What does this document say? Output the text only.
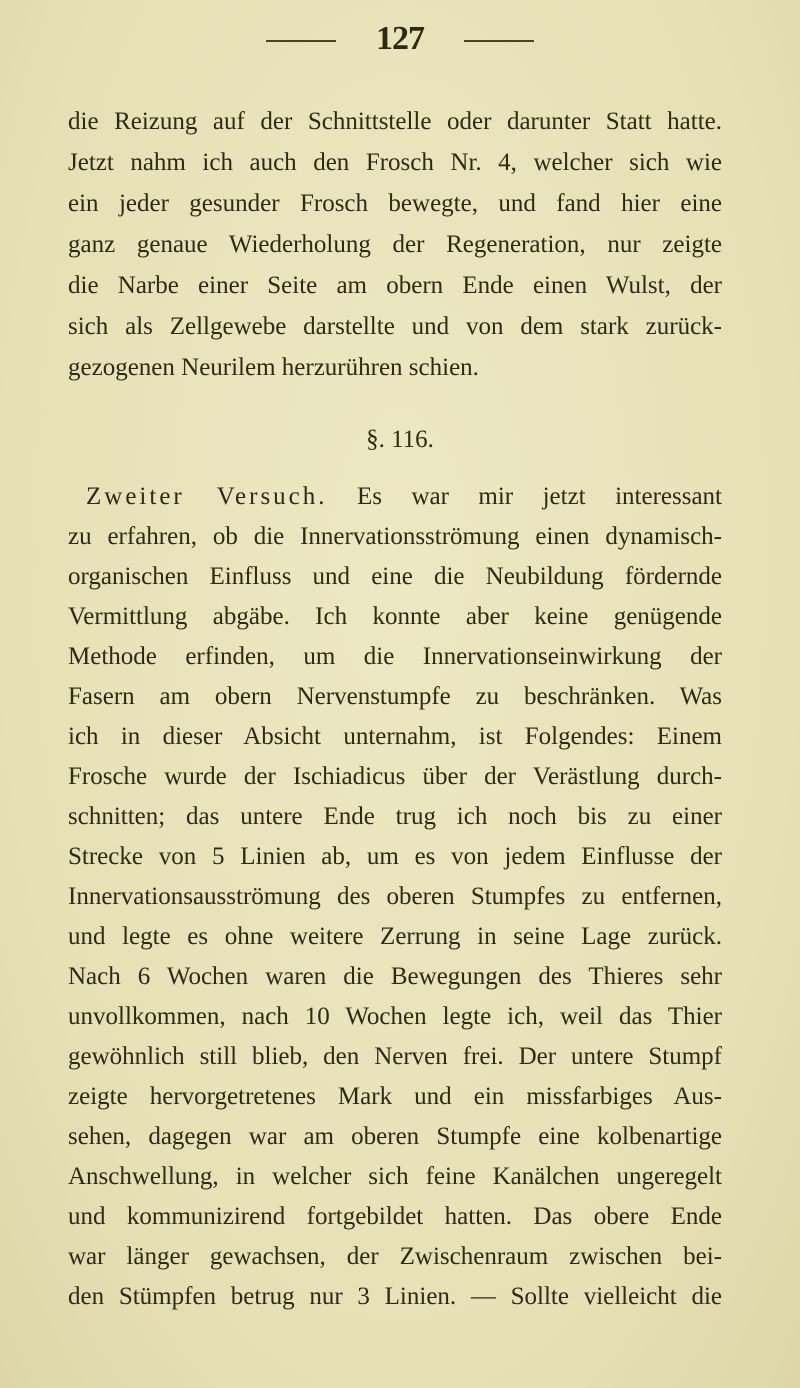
127
die Reizung auf der Schnittstelle oder darunter Statt hatte.
Jetzt nahm ich auch den Frosch Nr. 4, welcher sich wie
ein jeder gesunder Frosch bewegte, und fand hier eine
ganz genaue Wiederholung der Regeneration, nur zeigte
die Narbe einer Seite am obern Ende einen Wulst, der
sich als Zellgewebe darstellte und von dem stark zurück-
gezogenen Neurilem herzurühren schien.
§. 116.
Zweiter Versuch. Es war mir jetzt interessant
zu erfahren, ob die Innervationsströmung einen dynamisch-
organischen Einfluss und eine die Neubildung fördernde
Vermittlung abgäbe. Ich konnte aber keine genügende
Methode erfinden, um die Innervationseinwirkung der
Fasern am obern Nervenstumpfe zu beschränken. Was
ich in dieser Absicht unternahm, ist Folgendes: Einem
Frosche wurde der Ischiadicus über der Verästlung durch-
schnitten; das untere Ende trug ich noch bis zu einer
Strecke von 5 Linien ab, um es von jedem Einflusse der
Innervationsausströmung des oberen Stumpfes zu entfernen,
und legte es ohne weitere Zerrung in seine Lage zurück.
Nach 6 Wochen waren die Bewegungen des Thieres sehr
unvollkommen, nach 10 Wochen legte ich, weil das Thier
gewöhnlich still blieb, den Nerven frei. Der untere Stumpf
zeigte hervorgetretenes Mark und ein missfarbiges Aus-
sehen, dagegen war am oberen Stumpfe eine kolbenartige
Anschwellung, in welcher sich feine Kanälchen ungeregelt
und kommunizirend fortgebildet hatten. Das obere Ende
war länger gewachsen, der Zwischenraum zwischen bei-
den Stümpfen betrug nur 3 Linien. — Sollte vielleicht die
